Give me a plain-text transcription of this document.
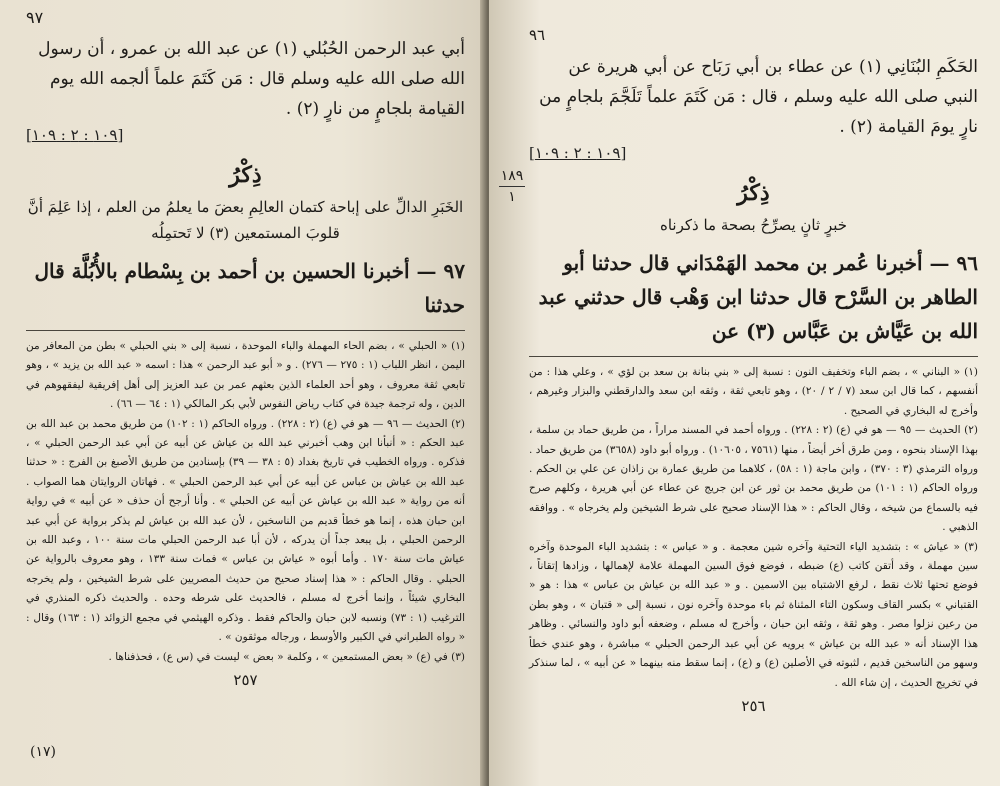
٩٧

أبي عبد الرحمن الحُبُلي (١) عن عبد الله بن عمرو ، أن رسول الله صلى الله عليه وسلم قال : مَن كَتَمَ علماً ألجمه الله يوم القيامة بلجامٍ من نارٍ (٢) .

[١٠٩ : ٢ : ١٠٩]

ذِكْرُ

الخَبَرِ الدالِّ على إباحة كتمان العالِمِ بعضَ ما يعلمُ من العلم ، إذا عَلِمَ أنَّ قلوبَ المستمعين (٣) لا تَحتمِلُه

٩٧ — أخبرنا الحسين بن أحمد بن بِسْطام بالأُبُلَّة قال حدثنا

(١) « الحبلي » ، بضم الحاء المهملة والباء الموحدة ، نسبة إلى « بني الحبلي » بطن من المعافر من اليمن ، انظر اللباب (١ : ٢٧٥ — ٢٧٦) . و « أبو عبد الرحمن » هذا : اسمه « عبد الله بن يزيد » ، وهو تابعي ثقة معروف ، وهو أحد العلماء الذين بعثهم عمر بن عبد العزيز إلى أهل إفريقية ليفقهوهم في الدين ، وله ترجمة جيدة في كتاب رياض النفوس لأبي بكر المالكي (١ : ٦٤ — ٦٦) .

(٢) الحديث — ٩٦ — هو في (ع) (٢ : ٢٢٨) . ورواه الحاكم (١ : ١٠٢) من طريق محمد بن عبد الله بن عبد الحكم : « أنبأنا ابن وهب أخبرني عبد الله بن عياش عن أبيه عن أبي عبد الرحمن الحبلي » ، فذكره . ورواه الخطيب في تاريخ بغداد (٥ : ٣٨ — ٣٩) بإسنادين من طريق الأصبغ بن الفرج : « حدثنا عبد الله بن عياش بن عباس عن أبيه عن أبي عبد الرحمن الحبلي » . فهاتان الروايتان هما الصواب . أنه من رواية « عبد الله بن عياش عن أبيه عن الحبلي » . وأنا أرجح أن حذف « عن أبيه » في رواية ابن حبان هذه ، إنما هو خطأ قديم من الناسخين ، لأن عبد الله بن عياش لم يذكر برواية عن أبي عبد الرحمن الحبلي ، بل يبعد جداً أن يدركه ، لأن أبا عبد الرحمن الحبلي مات سنة ١٠٠ ، وعبد الله بن عياش مات سنة ١٧٠ . وأما أبوه « عياش بن عباس » فمات سنة ١٣٣ ، وهو معروف بالرواية عن الحبلي . وقال الحاكم : « هذا إسناد صحيح من حديث المصريين على شرط الشيخين ، ولم يخرجه البخاري شيئاً ، وإنما أخرج له مسلم ، فالحديث على شرطه وحده . والحديث ذكره المنذري في الترغيب (١ : ٧٣) ونسبه لابن حبان والحاكم فقط . وذكره الهيثمي في مجمع الزوائد (١ : ١٦٣) وقال : « رواه الطبراني في الكبير والأوسط ، ورجاله موثقون » .

(٣) في (ع) « بعض المستمعين » ، وكلمة « بعض » ليست في (س ع) ، فحذفناها .

٢٥٧

(١٧)

٩٦

١٨٩
١

الحَكَمِ البُنَانِي (١) عن عطاء بن أبي رَبَاح عن أبي هريرة عن النبي صلى الله عليه وسلم ، قال : مَن كَتَمَ علماً تَلَجَّمَ بلجامٍ من نارٍ يومَ القيامة (٢) .

[١٠٩ : ٢ : ١٠٩]

ذِكْرُ

خبرٍ ثانٍ يصرِّحُ بصحة ما ذكرناه

٩٦ — أخبرنا عُمر بن محمد الهَمْدَاني قال حدثنا أبو الطاهر بن السَّرْح قال حدثنا ابن وَهْب قال حدثني عبد الله بن عَيَّاش بن عَبَّاس (٣) عن

(١) « البناني » ، بضم الباء وتخفيف النون : نسبة إلى « بني بنانة بن سعد بن لؤي » ، وعلي هذا : من أنفسهم ، كما قال ابن سعد (٧ / ٢ / ٢٠) ، وهو تابعي ثقة ، وثقه ابن سعد والدارقطني والبزار وغيرهم ، وأخرج له البخاري في الصحيح .

(٢) الحديث — ٩٥ — هو في (ع) (٢ : ٢٢٨) . ورواه أحمد في المسند مراراً ، من طريق حماد بن سلمة ، بهذا الإسناد بنحوه ، ومن طرق أخر أيضاً ، منها (٧٥٦١ ، ١٠٦٠٥) . ورواه أبو داود (٣٦٥٨) من طريق حماد . ورواه الترمذي (٣ : ٣٧٠) ، وابن ماجة (١ : ٥٨) ، كلاهما من طريق عمارة بن زاذان عن علي بن الحكم . ورواه الحاكم (١ : ١٠١) من طريق محمد بن ثور عن ابن جريج عن عطاء عن أبي هريرة ، وكلهم صرح فيه بالسماع من شيخه ، وقال الحاكم : « هذا الإسناد صحيح على شرط الشيخين ولم يخرجاه » . ووافقه الذهبي .

(٣) « عياش » : بتشديد الياء التحتية وآخره شين معجمة . و « عباس » : بتشديد الباء الموحدة وآخره سين مهملة ، وقد أتقن كاتب (ع) ضبطه ، فوضع فوق السين المهملة علامة لإهمالها ، وزادها إتقاناً ، فوضع تحتها ثلاث نقط ، لرفع الاشتباه بين الاسمين . و « عبد الله بن عياش بن عباس » هذا : هو « القتباني » بكسر القاف وسكون التاء المثناة ثم باء موحدة وآخره نون ، نسبة إلى « قتبان » ، وهو بطن من رعين نزلوا مصر . وهو ثقة ، وثقه ابن حبان ، وأخرج له مسلم ، وضعفه أبو داود والنسائي . وظاهر هذا الإسناد أنه « عبد الله بن عياش » يرويه عن أبي عبد الرحمن الحبلي » مباشرة ، وهو عندي خطأ وسهو من الناسخين قديم ، لثبوته في الأصلين (ع) و (ع) ، إنما سقط منه بينهما « عن أبيه » ، لما سنذكر في تخريج الحديث ، إن شاء الله .

٢٥٦
